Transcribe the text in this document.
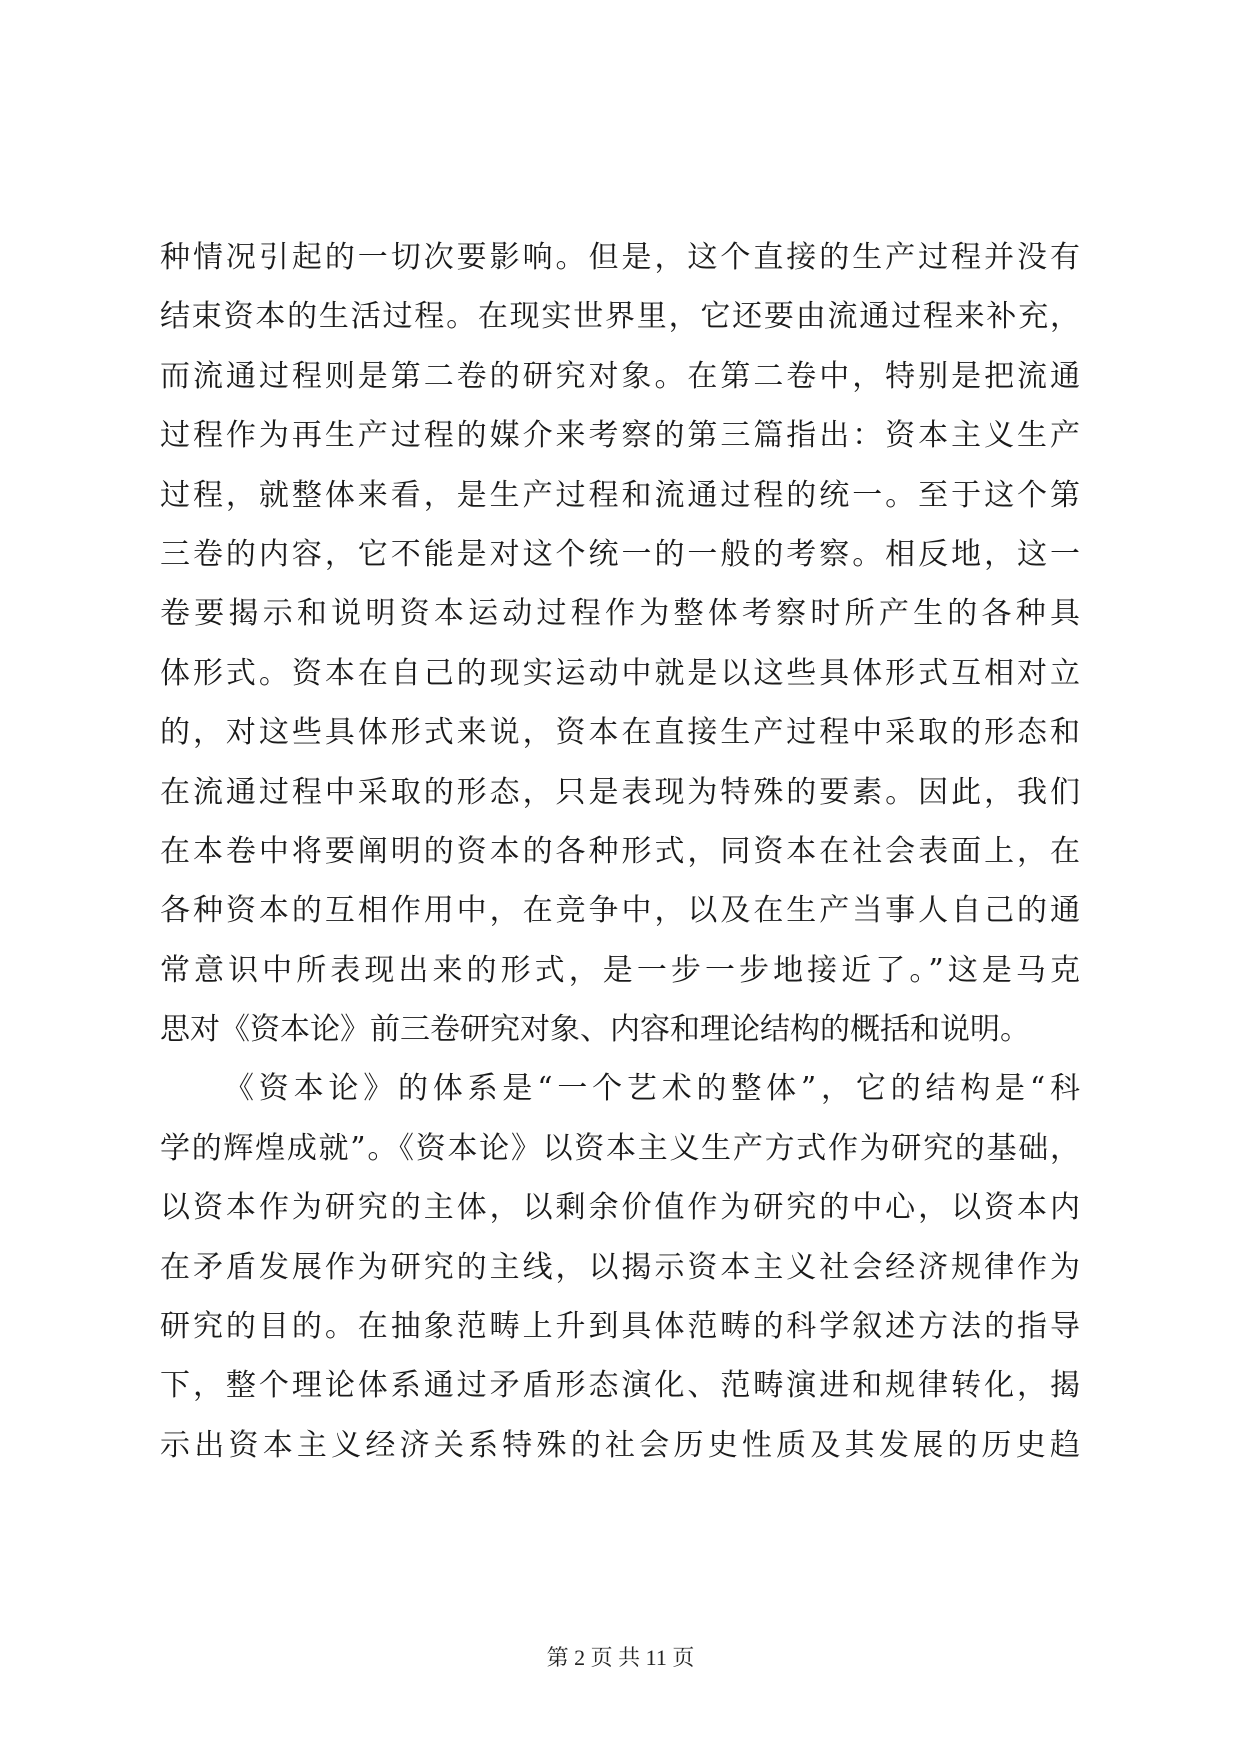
种情况引起的一切次要影响。但是，这个直接的生产过程并没有
结束资本的生活过程。在现实世界里，它还要由流通过程来补充，
而流通过程则是第二卷的研究对象。在第二卷中，特别是把流通
过程作为再生产过程的媒介来考察的第三篇指出：资本主义生产
过程，就整体来看，是生产过程和流通过程的统一。至于这个第
三卷的内容，它不能是对这个统一的一般的考察。相反地，这一
卷要揭示和说明资本运动过程作为整体考察时所产生的各种具
体形式。资本在自己的现实运动中就是以这些具体形式互相对立
的，对这些具体形式来说，资本在直接生产过程中采取的形态和
在流通过程中采取的形态，只是表现为特殊的要素。因此，我们
在本卷中将要阐明的资本的各种形式，同资本在社会表面上，在
各种资本的互相作用中，在竞争中，以及在生产当事人自己的通
常意识中所表现出来的形式，是一步一步地接近了。”这是马克
思对《资本论》前三卷研究对象、内容和理论结构的概括和说明。
《资本论》的体系是“一个艺术的整体”，它的结构是“科
学的辉煌成就”。《资本论》以资本主义生产方式作为研究的基础，
以资本作为研究的主体，以剩余价值作为研究的中心，以资本内
在矛盾发展作为研究的主线，以揭示资本主义社会经济规律作为
研究的目的。在抽象范畴上升到具体范畴的科学叙述方法的指导
下，整个理论体系通过矛盾形态演化、范畴演进和规律转化，揭
示出资本主义经济关系特殊的社会历史性质及其发展的历史趋
第 2 页 共 11 页
